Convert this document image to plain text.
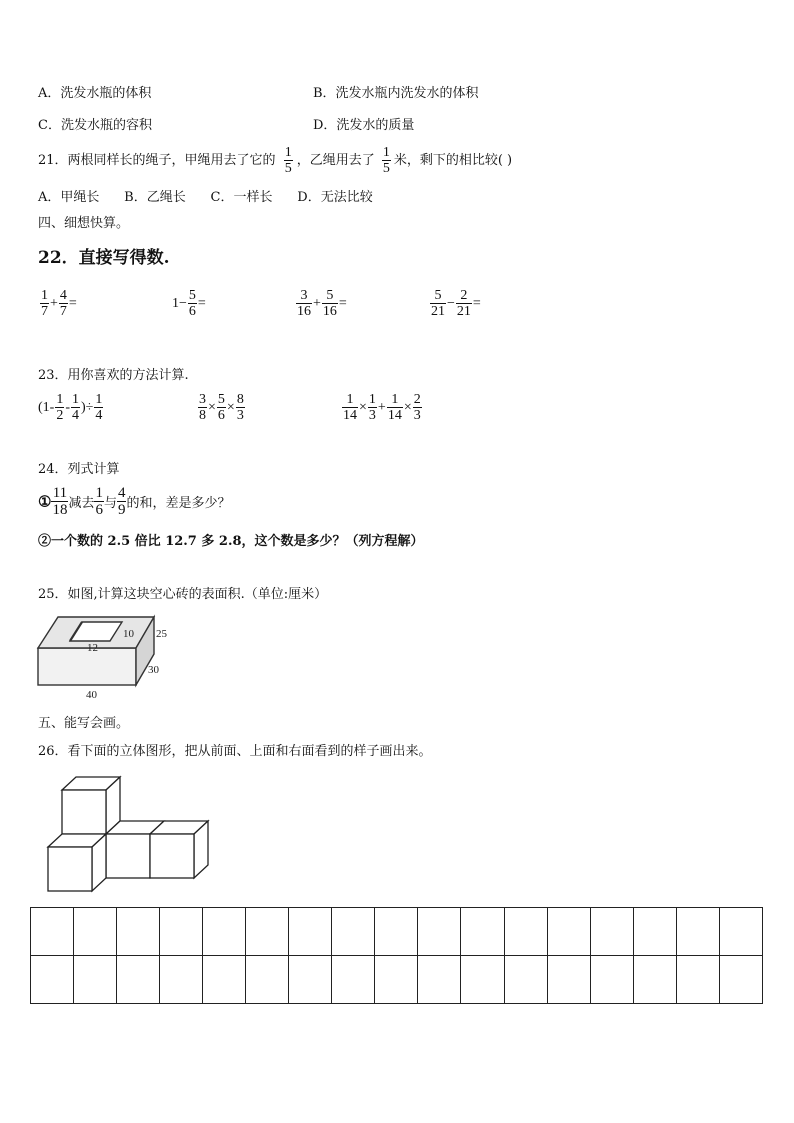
A．洗发水瓶的体积	B．洗发水瓶内洗发水的体积
C．洗发水瓶的容积	D．洗发水的质量
21．两根同样长的绳子，甲绳用去了它的 $\frac{1}{5}$ ，乙绳用去了 $\frac{1}{5}$ 米，剩下的相比较( )
A．甲绳长      B．乙绳长      C．一样长      D．无法比较
四、细想快算。
22．直接写得数.
$\frac{1}{7} + \frac{4}{7}$ =	$1- \frac{5}{6}$ =	$\frac{3}{16} + \frac{5}{16}$ =	$\frac{5}{21} - \frac{2}{21}$ =
23．用你喜欢的方法计算.
($1- \frac{1}{2} - \frac{1}{4}$ )÷ $\frac{1}{4}$	$\frac{3}{8} \times \frac{5}{6} \times \frac{8}{3}$	$\frac{1}{14} \times \frac{1}{3} + \frac{1}{14} \times \frac{2}{3}$
24．列式计算
① $\frac{11}{18}$ 减去 $\frac{1}{6}$ 与 $\frac{4}{9}$ 的和，差是多少？
②一个数的 2.5 倍比 12.7 多 2.8，这个数是多少？（列方程解）
25．如图,计算这块空心砖的表面积.（单位:厘米）
10
12
25
30
40
五、能写会画。
26．看下面的立体图形，把从前面、上面和右面看到的样子画出来。
